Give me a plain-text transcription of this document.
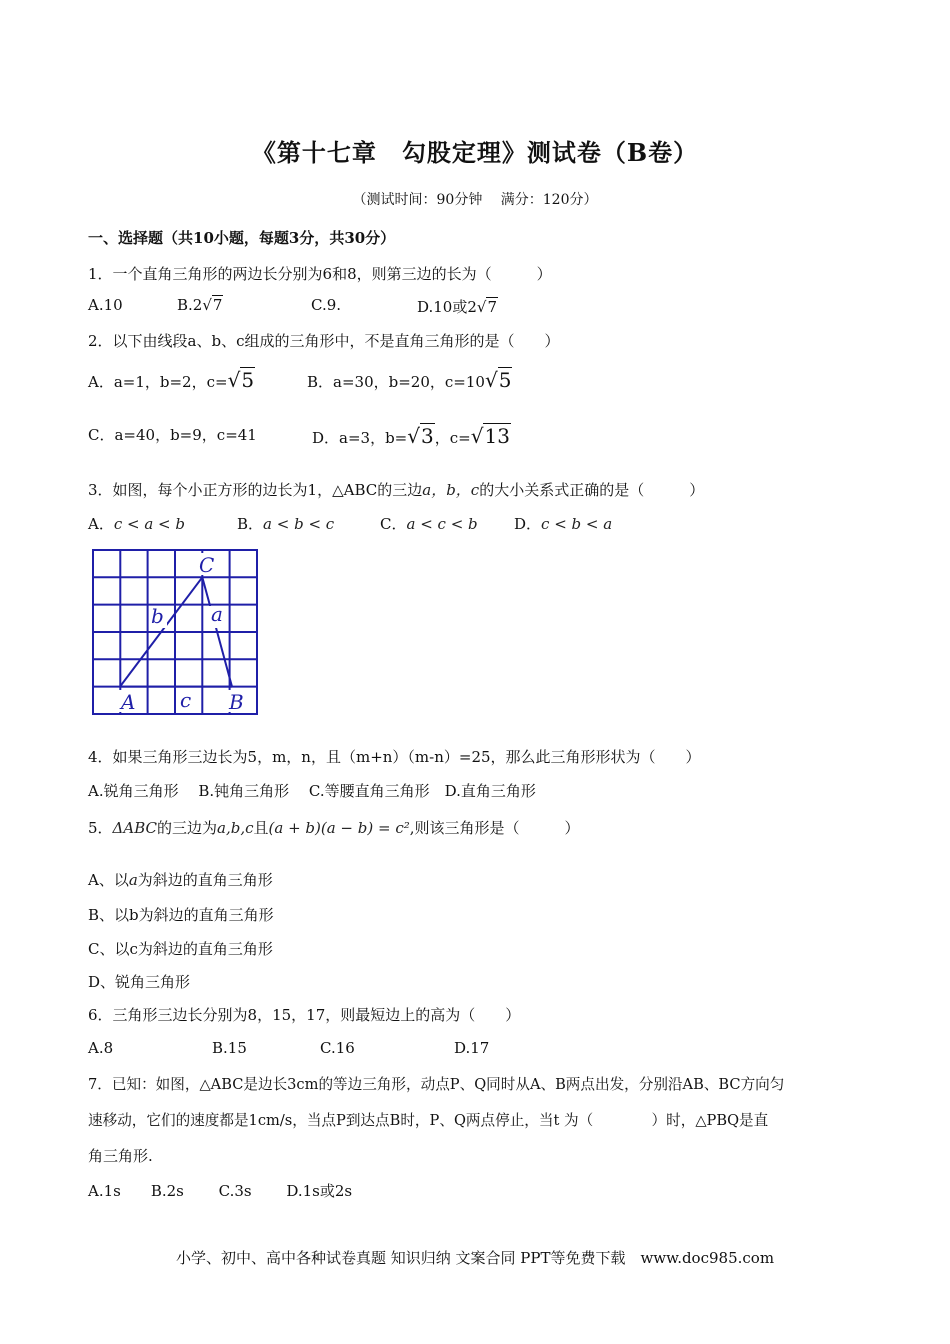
《第十七章　勾股定理》测试卷（B卷）
（测试时间：90分钟　 满分：120分）
一、选择题（共10小题，每题3分，共30分）
1．一个直角三角形的两边长分别为6和8，则第三边的长为（　　　）
A.10	B.2√7	C.9.	D.10或2√7
2．以下由线段a、b、c组成的三角形中，不是直角三角形的是（　　）
A．a=1，b=2，c=√5	B．a=30，b=20，c=10√5
C．a=40，b=9，c=41	D．a=3，b=√3，c=√13
3．如图，每个小正方形的边长为1，△ABC的三边a，b，c的大小关系式正确的是（　　　）
A．c < a < b	B．a < b < c	C．a < c < b D．c < b < a
C
A	B
b a
c
4．如果三角形三边长为5，m，n，且（m+n）（m-n）=25，那么此三角形形状为（　　）
A.锐角三角形　 B.钝角三角形　 C.等腰直角三角形　D.直角三角形
5．ΔABC的三边为a,b,c且(a + b)(a − b) = c²,则该三角形是（　　　）
A、以a为斜边的直角三角形
B、以b为斜边的直角三角形
C、以c为斜边的直角三角形
D、锐角三角形
6．三角形三边长分别为8，15，17，则最短边上的高为（　　）
A.8	B.15	C.16	D.17
7．已知：如图，△ABC是边长3cm的等边三角形，动点P、Q同时从A、B两点出发，分别沿AB、BC方向匀
速移动，它们的速度都是1cm/s，当点P到达点B时，P、Q两点停止，当t 为（　　　　）时，△PBQ是直
角三角形.
A.1s　　B.2s　　 C.3s　　 D.1s或2s
小学、初中、高中各种试卷真题 知识归纳 文案合同 PPT等免费下载　www.doc985.com
